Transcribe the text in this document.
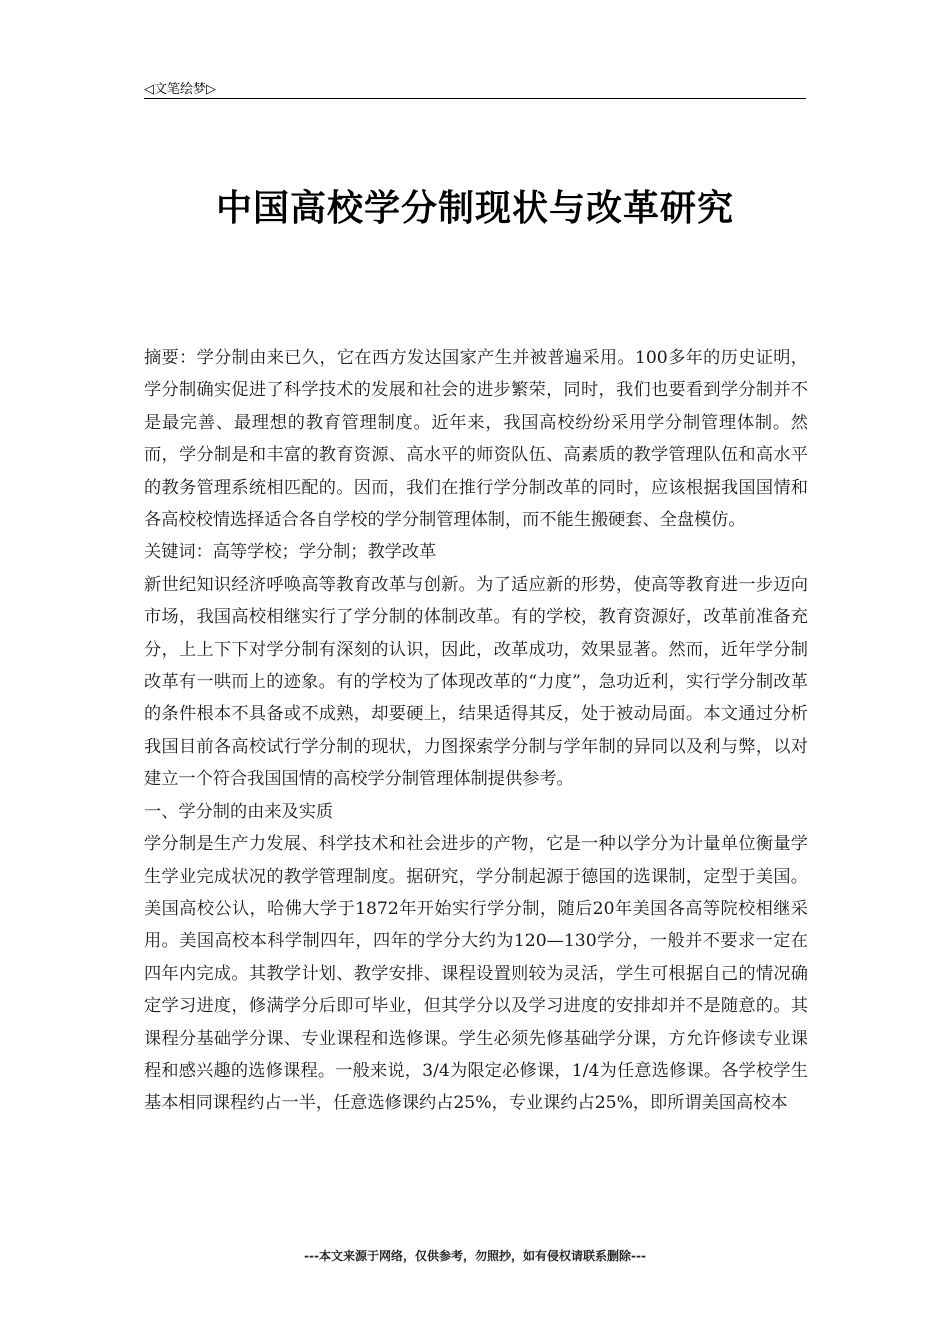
◁文笔绘梦▷
中国高校学分制现状与改革研究

摘要：学分制由来已久，它在西方发达国家产生并被普遍采用。100多年的历史证明，学分制确实促进了科学技术的发展和社会的进步繁荣，同时，我们也要看到学分制并不是最完善、最理想的教育管理制度。近年来，我国高校纷纷采用学分制管理体制。然而，学分制是和丰富的教育资源、高水平的师资队伍、高素质的教学管理队伍和高水平的教务管理系统相匹配的。因而，我们在推行学分制改革的同时，应该根据我国国情和各高校校情选择适合各自学校的学分制管理体制，而不能生搬硬套、全盘模仿。

关键词：高等学校；学分制；教学改革

新世纪知识经济呼唤高等教育改革与创新。为了适应新的形势，使高等教育进一步迈向市场，我国高校相继实行了学分制的体制改革。有的学校，教育资源好，改革前准备充分，上上下下对学分制有深刻的认识，因此，改革成功，效果显著。然而，近年学分制改革有一哄而上的迹象。有的学校为了体现改革的“力度”，急功近利，实行学分制改革的条件根本不具备或不成熟，却要硬上，结果适得其反，处于被动局面。本文通过分析我国目前各高校试行学分制的现状，力图探索学分制与学年制的异同以及利与弊，以对建立一个符合我国国情的高校学分制管理体制提供参考。

一、学分制的由来及实质

学分制是生产力发展、科学技术和社会进步的产物，它是一种以学分为计量单位衡量学生学业完成状况的教学管理制度。据研究，学分制起源于德国的选课制，定型于美国。美国高校公认，哈佛大学于1872年开始实行学分制，随后20年美国各高等院校相继采用。美国高校本科学制四年，四年的学分大约为120—130学分，一般并不要求一定在四年内完成。其教学计划、教学安排、课程设置则较为灵活，学生可根据自己的情况确定学习进度，修满学分后即可毕业，但其学分以及学习进度的安排却并不是随意的。其课程分基础学分课、专业课程和选修课。学生必须先修基础学分课，方允许修读专业课程和感兴趣的选修课程。一般来说，3/4为限定必修课，1/4为任意选修课。各学校学生基本相同课程约占一半，任意选修课约占25%，专业课约占25%，即所谓美国高校本

---本文来源于网络，仅供参考，勿照抄，如有侵权请联系删除---
